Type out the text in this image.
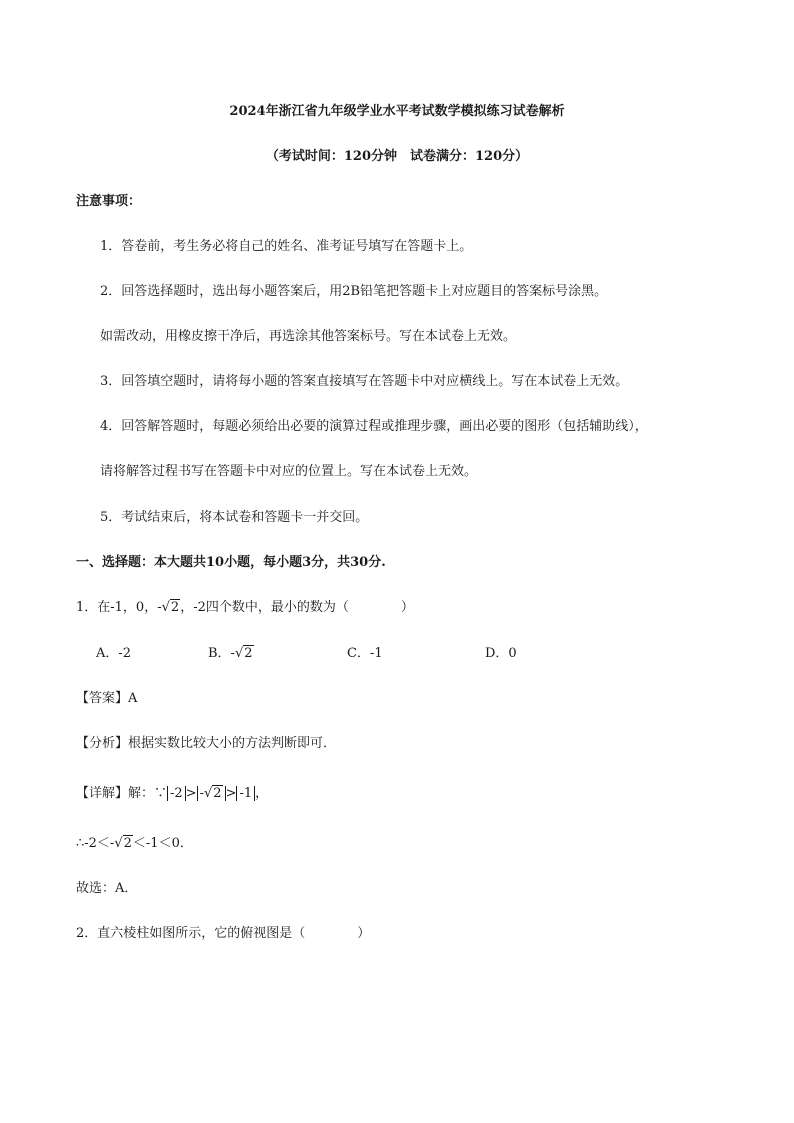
2024年浙江省九年级学业水平考试数学模拟练习试卷解析
（考试时间：120分钟　试卷满分：120分）
注意事项：
1．答卷前，考生务必将自己的姓名、准考证号填写在答题卡上。
2．回答选择题时，选出每小题答案后，用2B铅笔把答题卡上对应题目的答案标号涂黑。
如需改动，用橡皮擦干净后，再选涂其他答案标号。写在本试卷上无效。
3．回答填空题时，请将每小题的答案直接填写在答题卡中对应横线上。写在本试卷上无效。
4．回答解答题时，每题必须给出必要的演算过程或推理步骤，画出必要的图形（包括辅助线），
请将解答过程书写在答题卡中对应的位置上。写在本试卷上无效。
5．考试结束后，将本试卷和答题卡一并交回。
一、选择题：本大题共10小题，每小题3分，共30分.
1．在-1，0，-√2，-2四个数中，最小的数为（　　　　）
A．-2	B．-√2	C．-1	D．0
【答案】A
【分析】根据实数比较大小的方法判断即可．
【详解】解：∵ -2 > -√2 > -1 ，
∴-2＜-√2＜-1＜0．
故选：A．
2．直六棱柱如图所示，它的俯视图是（　　　　）
